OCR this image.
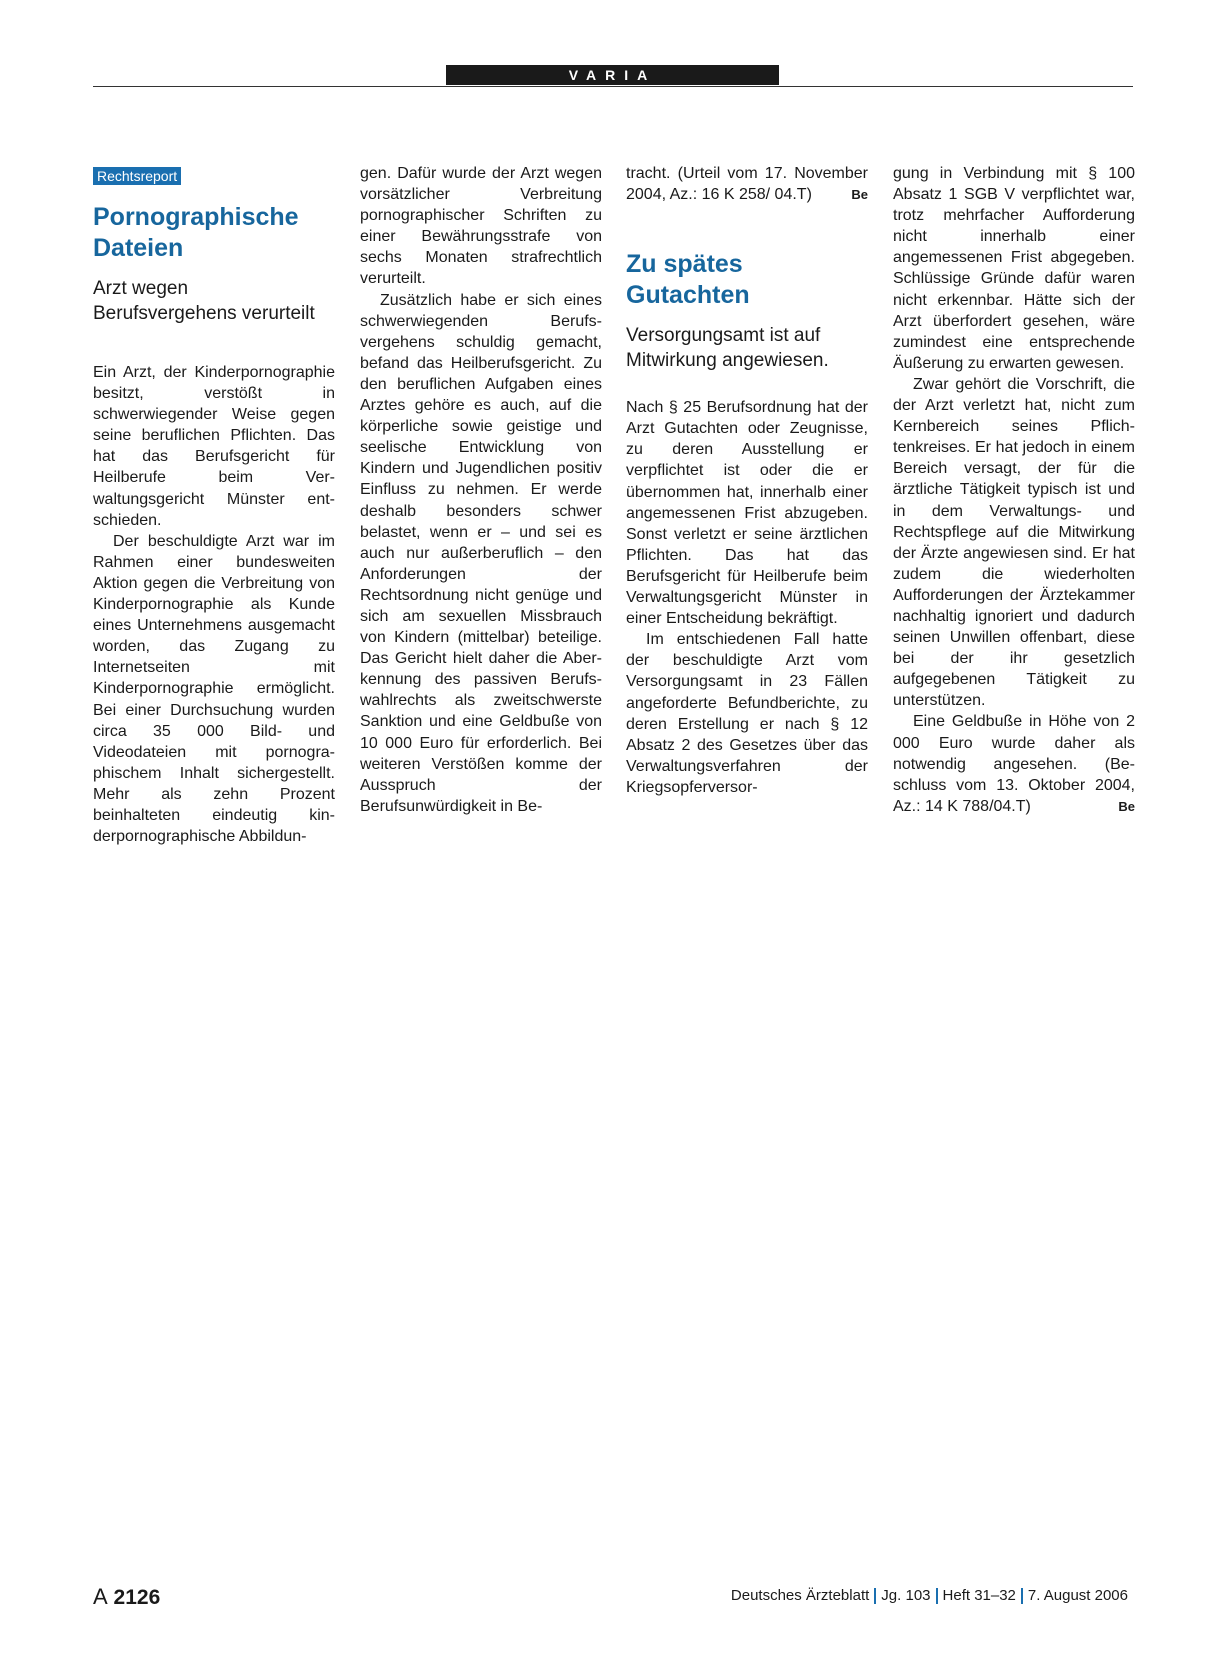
VARIA
Rechtsreport
Pornographische Dateien
Arzt wegen Berufsvergehens verurteilt

Ein Arzt, der Kinderpornographie besitzt, verstößt in schwerwiegender Weise gegen seine beruflichen Pflichten. Das hat das Berufsgericht für Heilberufe beim Verwaltungsgericht Münster entschieden.

Der beschuldigte Arzt war im Rahmen einer bundesweiten Aktion gegen die Verbreitung von Kinderpornographie als Kunde eines Unternehmens ausgemacht worden, das Zugang zu Internetseiten mit Kinderpornographie ermöglicht. Bei einer Durchsuchung wurden circa 35 000 Bild- und Videodateien mit pornographischem Inhalt sichergestellt. Mehr als zehn Prozent beinhalteten eindeutig kinderpornographische Abbildun-

gen. Dafür wurde der Arzt wegen vorsätzlicher Verbreitung pornographischer Schriften zu einer Bewährungsstrafe von sechs Monaten strafrechtlich verurteilt.

Zusätzlich habe er sich eines schwerwiegenden Berufsvergehens schuldig gemacht, befand das Heilberufsgericht. Zu den beruflichen Aufgaben eines Arztes gehöre es auch, auf die körperliche sowie geistige und seelische Entwicklung von Kindern und Jugendlichen positiv Einfluss zu nehmen. Er werde deshalb besonders schwer belastet, wenn er – und sei es auch nur außerberuflich – den Anforderungen der Rechtsordnung nicht genüge und sich am sexuellen Missbrauch von Kindern (mittelbar) beteilige. Das Gericht hielt daher die Aberkennung des passiven Berufswahlrechts als zweitschwerste Sanktion und eine Geldbuße von 10 000 Euro für erforderlich. Bei weiteren Verstößen komme der Ausspruch der Berufsunwürdigkeit in Be-

tracht. (Urteil vom 17. November 2004, Az.: 16 K 258/ 04.T)	Be

Zu spätes Gutachten
Versorgungsamt ist auf Mitwirkung angewiesen.

Nach § 25 Berufsordnung hat der Arzt Gutachten oder Zeugnisse, zu deren Ausstellung er verpflichtet ist oder die er übernommen hat, innerhalb einer angemessenen Frist abzugeben. Sonst verletzt er seine ärztlichen Pflichten. Das hat das Berufsgericht für Heilberufe beim Verwaltungsgericht Münster in einer Entscheidung bekräftigt.

Im entschiedenen Fall hatte der beschuldigte Arzt vom Versorgungsamt in 23 Fällen angeforderte Befundberichte, zu deren Erstellung er nach § 12 Absatz 2 des Gesetzes über das Verwaltungsverfahren der Kriegsopferversor-

gung in Verbindung mit § 100 Absatz 1 SGB V verpflichtet war, trotz mehrfacher Aufforderung nicht innerhalb einer angemessenen Frist abgegeben. Schlüssige Gründe dafür waren nicht erkennbar. Hätte sich der Arzt überfordert gesehen, wäre zumindest eine entsprechende Äußerung zu erwarten gewesen.

Zwar gehört die Vorschrift, die der Arzt verletzt hat, nicht zum Kernbereich seines Pflichtenkreises. Er hat jedoch in einem Bereich versagt, der für die ärztliche Tätigkeit typisch ist und in dem Verwaltungs- und Rechtspflege auf die Mitwirkung der Ärzte angewiesen sind. Er hat zudem die wiederholten Aufforderungen der Ärztekammer nachhaltig ignoriert und dadurch seinen Unwillen offenbart, diese bei der ihr gesetzlich aufgegebenen Tätigkeit zu unterstützen.

Eine Geldbuße in Höhe von 2 000 Euro wurde daher als notwendig angesehen. (Beschluss vom 13. Oktober 2004, Az.: 14 K 788/04.T)	Be

A 2126	Deutsches Ärzteblatt Jg. 103 Heft 31–32 7. August 2006
